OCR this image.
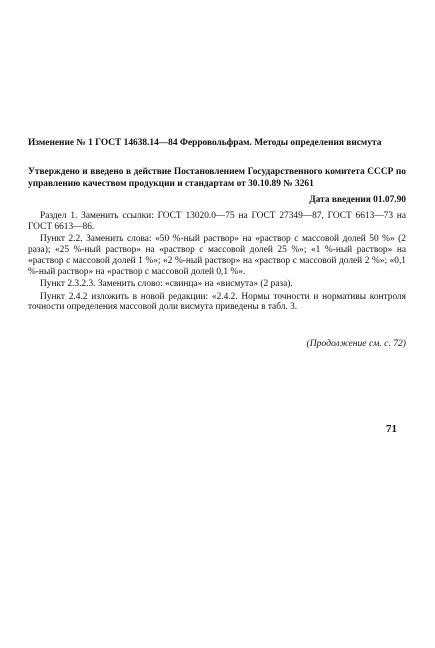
Изменение № 1 ГОСТ 14638.14—84 Ферровольфрам. Методы определения висмута

Утверждено и введено в действие Постановлением Государственного комитета СССР по управлению качеством продукции и стандартам от 30.10.89 № 3261

Дата введения 01.07.90

Раздел 1. Заменить ссылки: ГОСТ 13020.0—75 на ГОСТ 27349—87, ГОСТ 6613—73 на ГОСТ 6613—86.

Пункт 2.2. Заменить слова: «50 %-ный раствор» на «раствор с массовой долей 50 %» (2 раза); «25 %-ный раствор» на «раствор с массовой долей 25 %»; «1 %-ный раствор» на «раствор с массовой долей 1 %»; «2 %-ный раствор» на «раствор с массовой долей 2 %»; «0,1 %-ный раствор» на «раствор с массовой долей 0,1 %».

Пункт 2.3.2.3. Заменить слово: «свинца» на «висмута» (2 раза).

Пункт 2.4.2 изложить в новой редакции: «2.4.2. Нормы точности и нормативы контроля точности определения массовой доли висмута приведены в табл. 3.

(Продолжение см. с. 72)

71
